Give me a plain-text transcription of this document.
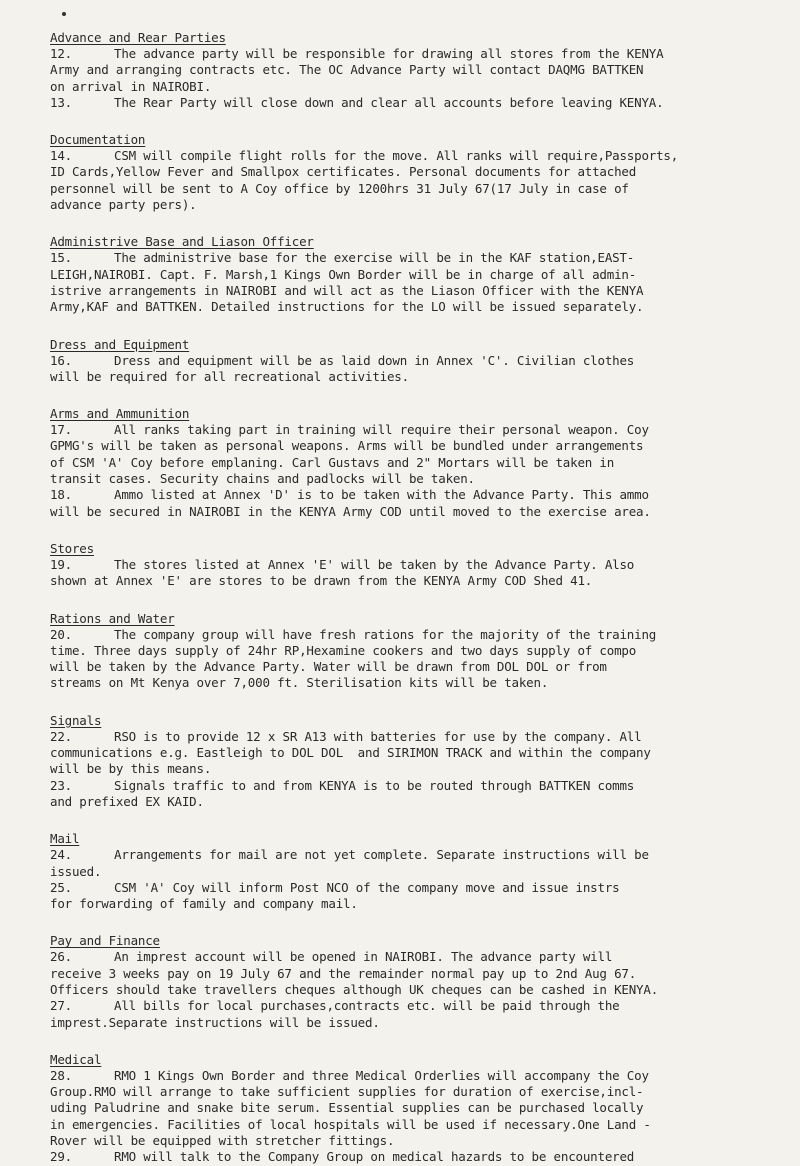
Advance and Rear Parties
12.	The advance party will be responsible for drawing all stores from the KENYA
Army and arranging contracts etc. The OC Advance Party will contact DAQMG BATTKEN
on arrival in NAIROBI.
13.	The Rear Party will close down and clear all accounts before leaving KENYA.
Documentation
14.	CSM will compile flight rolls for the move. All ranks will require,Passports,
ID Cards,Yellow Fever and Smallpox certificates. Personal documents for attached
personnel will be sent to A Coy office by 1200hrs 31 July 67(17 July in case of
advance party pers).
Administrive Base and Liason Officer
15.	The administrive base for the exercise will be in the KAF station,EAST-
LEIGH,NAIROBI. Capt. F. Marsh,1 Kings Own Border will be in charge of all admin-
istrive arrangements in NAIROBI and will act as the Liason Officer with the KENYA
Army,KAF and BATTKEN. Detailed instructions for the LO will be issued separately.
Dress and Equipment
16.	Dress and equipment will be as laid down in Annex 'C'. Civilian clothes
will be required for all recreational activities.
Arms and Ammunition
17.	All ranks taking part in training will require their personal weapon. Coy
GPMG's will be taken as personal weapons. Arms will be bundled under arrangements
of CSM 'A' Coy before emplaning. Carl Gustavs and 2" Mortars will be taken in
transit cases. Security chains and padlocks will be taken.
18.	Ammo listed at Annex 'D' is to be taken with the Advance Party. This ammo
will be secured in NAIROBI in the KENYA Army COD until moved to the exercise area.
Stores
19.	The stores listed at Annex 'E' will be taken by the Advance Party. Also
shown at Annex 'E' are stores to be drawn from the KENYA Army COD Shed 41.
Rations and Water
20.	The company group will have fresh rations for the majority of the training
time. Three days supply of 24hr RP,Hexamine cookers and two days supply of compo
will be taken by the Advance Party. Water will be drawn from DOL DOL or from
streams on Mt Kenya over 7,000 ft. Sterilisation kits will be taken.
Signals
22.	RSO is to provide 12 x SR A13 with batteries for use by the company. All
communications e.g. Eastleigh to DOL DOL  and SIRIMON TRACK and within the company
will be by this means.
23.	Signals traffic to and from KENYA is to be routed through BATTKEN comms
and prefixed EX KAID.
Mail
24.	Arrangements for mail are not yet complete. Separate instructions will be
issued.
25.	CSM 'A' Coy will inform Post NCO of the company move and issue instrs
for forwarding of family and company mail.
Pay and Finance
26.	An imprest account will be opened in NAIROBI. The advance party will
receive 3 weeks pay on 19 July 67 and the remainder normal pay up to 2nd Aug 67.
Officers should take travellers cheques although UK cheques can be cashed in KENYA.
27.	All bills for local purchases,contracts etc. will be paid through the
imprest.Separate instructions will be issued.
Medical
28.	RMO 1 Kings Own Border and three Medical Orderlies will accompany the Coy
Group.RMO will arrange to take sufficient supplies for duration of exercise,incl-
uding Paludrine and snake bite serum. Essential supplies can be purchased locally
in emergencies. Facilities of local hospitals will be used if necessary.One Land -
Rover will be equipped with stretcher fittings.
29.	RMO will talk to the Company Group on medical hazards to be encountered
